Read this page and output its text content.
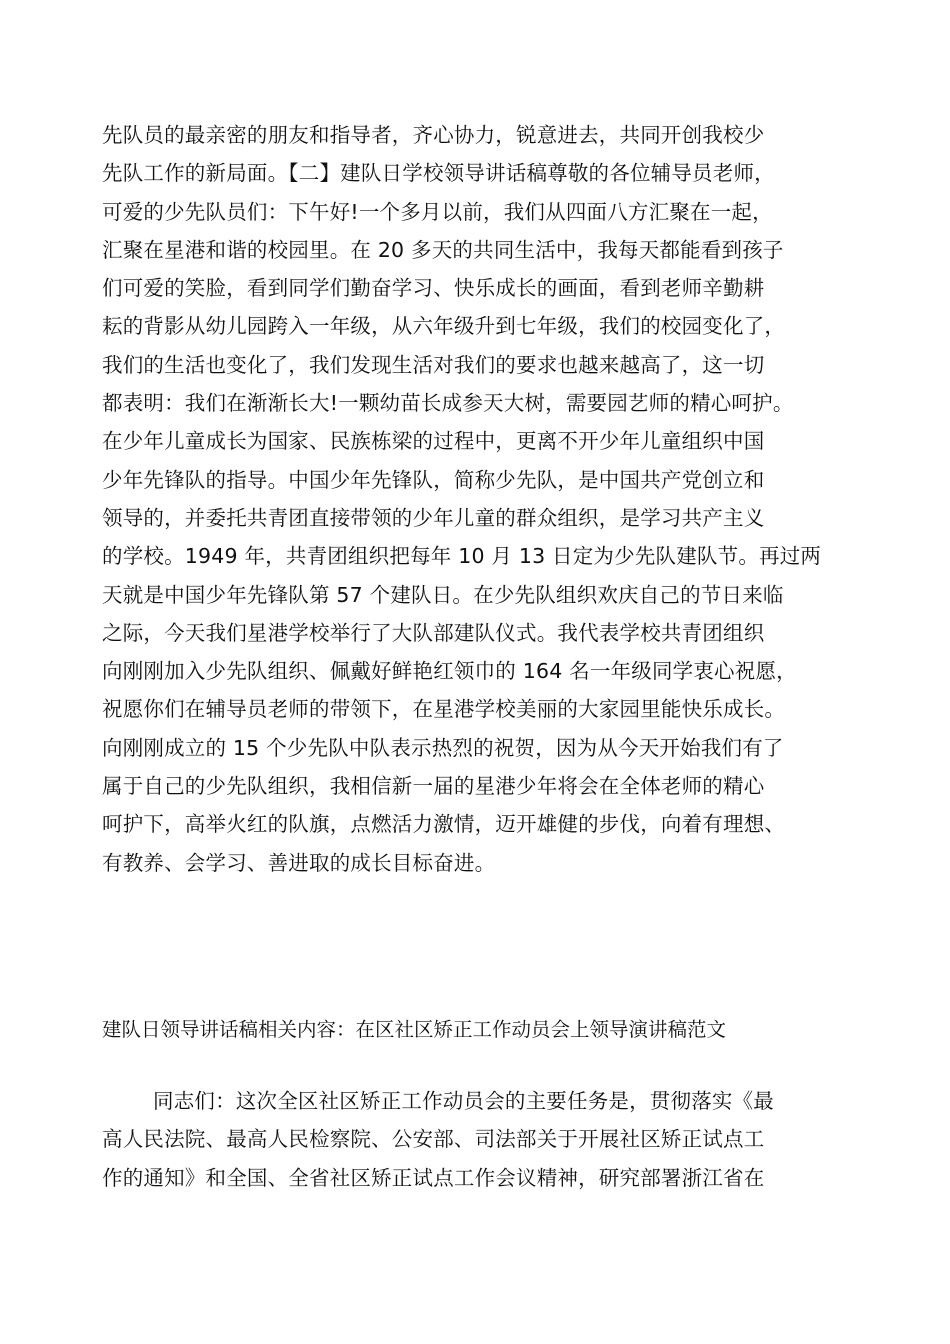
先队员的最亲密的朋友和指导者，齐心协力，锐意进去，共同开创我校少
先队工作的新局面。【二】建队日学校领导讲话稿尊敬的各位辅导员老师，
可爱的少先队员们：下午好!一个多月以前，我们从四面八方汇聚在一起，
汇聚在星港和谐的校园里。在 20 多天的共同生活中，我每天都能看到孩子
们可爱的笑脸，看到同学们勤奋学习、快乐成长的画面，看到老师辛勤耕
耘的背影从幼儿园跨入一年级，从六年级升到七年级，我们的校园变化了，
我们的生活也变化了，我们发现生活对我们的要求也越来越高了，这一切
都表明：我们在渐渐长大!一颗幼苗长成参天大树，需要园艺师的精心呵护。
在少年儿童成长为国家、民族栋梁的过程中，更离不开少年儿童组织中国
少年先锋队的指导。中国少年先锋队，简称少先队，是中国共产党创立和
领导的，并委托共青团直接带领的少年儿童的群众组织，是学习共产主义
的学校。1949 年，共青团组织把每年 10 月 13 日定为少先队建队节。再过两
天就是中国少年先锋队第 57 个建队日。在少先队组织欢庆自己的节日来临
之际，今天我们星港学校举行了大队部建队仪式。我代表学校共青团组织
向刚刚加入少先队组织、佩戴好鲜艳红领巾的 164 名一年级同学衷心祝愿，
祝愿你们在辅导员老师的带领下，在星港学校美丽的大家园里能快乐成长。
向刚刚成立的 15 个少先队中队表示热烈的祝贺，因为从今天开始我们有了
属于自己的少先队组织，我相信新一届的星港少年将会在全体老师的精心
呵护下，高举火红的队旗，点燃活力激情，迈开雄健的步伐，向着有理想、
有教养、会学习、善进取的成长目标奋进。
建队日领导讲话稿相关内容：在区社区矫正工作动员会上领导演讲稿范文
同志们：这次全区社区矫正工作动员会的主要任务是，贯彻落实《最
高人民法院、最高人民检察院、公安部、司法部关于开展社区矫正试点工
作的通知》和全国、全省社区矫正试点工作会议精神，研究部署浙江省在
